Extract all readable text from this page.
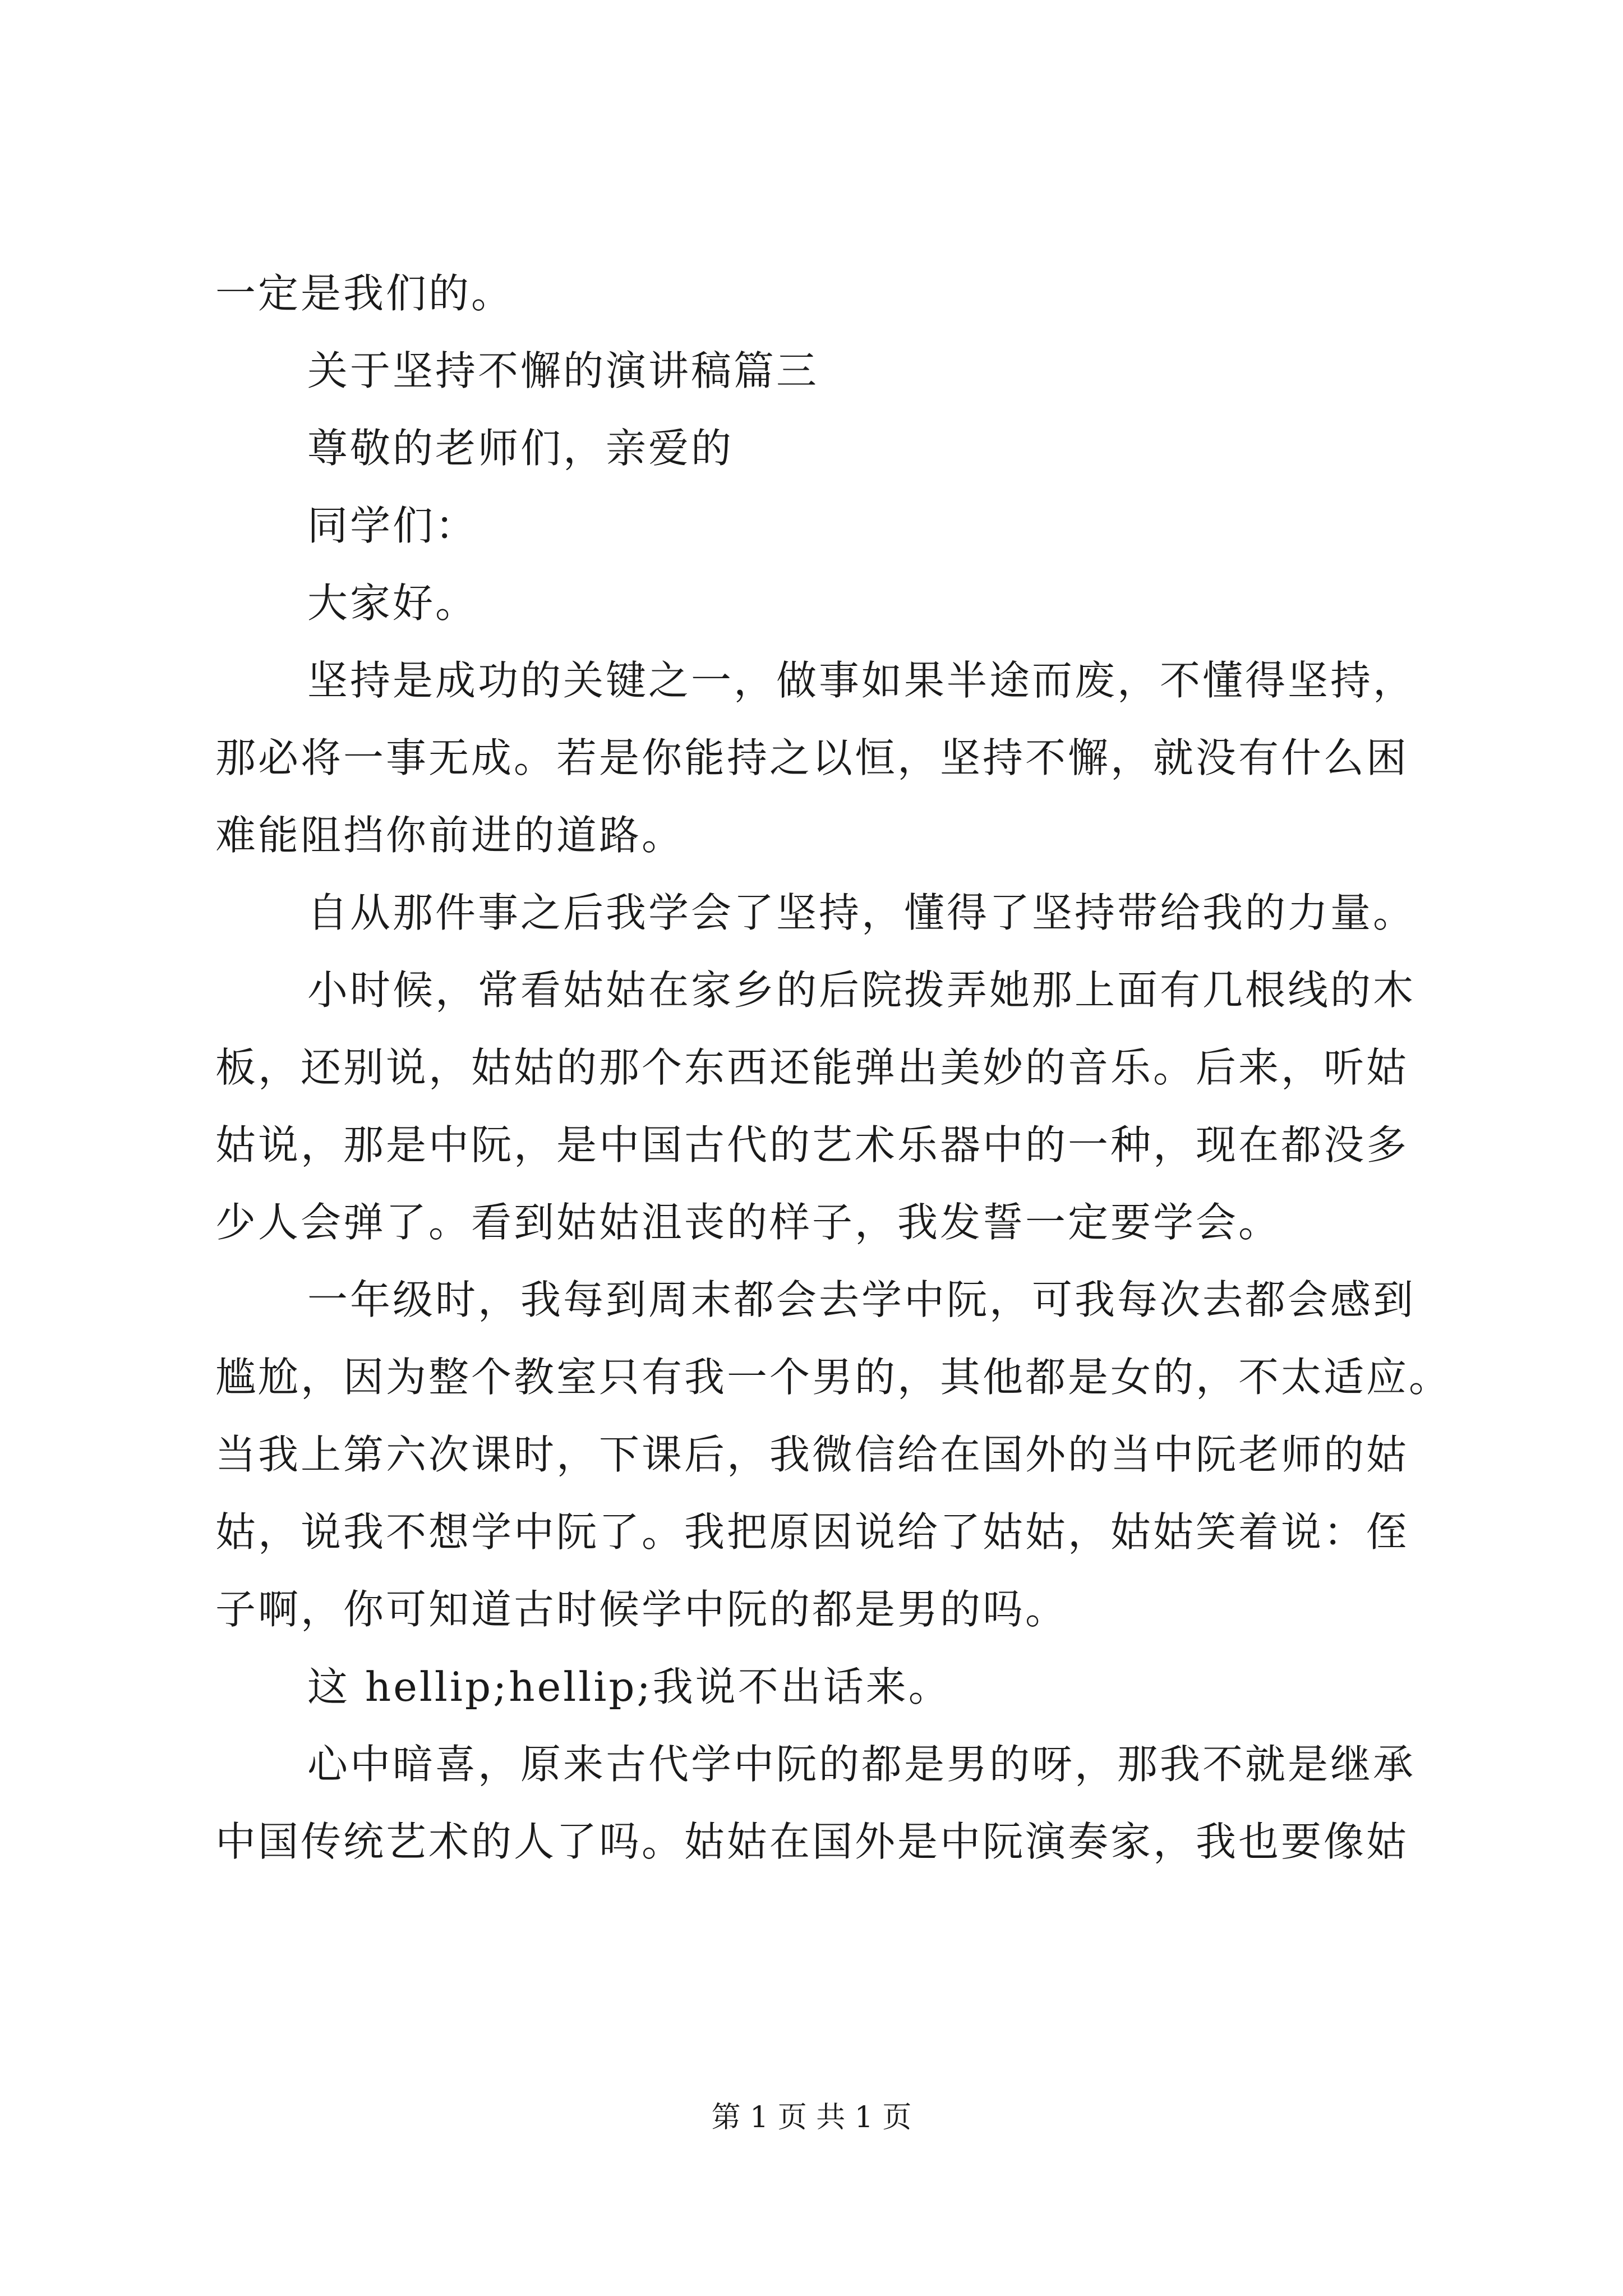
一定是我们的。
关于坚持不懈的演讲稿篇三
尊敬的老师们，亲爱的
同学们：
大家好。
坚持是成功的关键之一，做事如果半途而废，不懂得坚持，
那必将一事无成。若是你能持之以恒，坚持不懈，就没有什么困
难能阻挡你前进的道路。
自从那件事之后我学会了坚持，懂得了坚持带给我的力量。
小时候，常看姑姑在家乡的后院拨弄她那上面有几根线的木
板，还别说，姑姑的那个东西还能弹出美妙的音乐。后来，听姑
姑说，那是中阮，是中国古代的艺术乐器中的一种，现在都没多
少人会弹了。看到姑姑沮丧的样子，我发誓一定要学会。
一年级时，我每到周末都会去学中阮，可我每次去都会感到
尴尬，因为整个教室只有我一个男的，其他都是女的，不太适应。
当我上第六次课时，下课后，我微信给在国外的当中阮老师的姑
姑，说我不想学中阮了。我把原因说给了姑姑，姑姑笑着说：侄
子啊，你可知道古时候学中阮的都是男的吗。
这 hellip;hellip;我说不出话来。
心中暗喜，原来古代学中阮的都是男的呀，那我不就是继承
中国传统艺术的人了吗。姑姑在国外是中阮演奏家，我也要像姑
第 1 页 共 1 页
